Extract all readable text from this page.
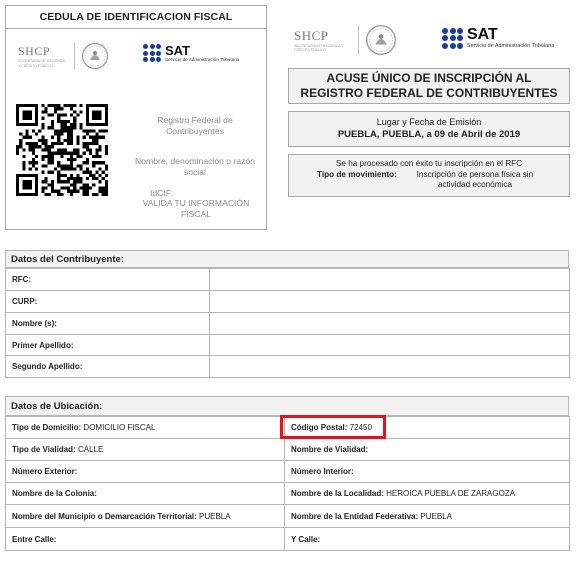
CEDULA DE IDENTIFICACION FISCAL
SHCP
SECRETARÍA DE HACIENDA Y CRÉDITO PÚBLICO
SAT
Servicio de Administración Tributaria
Registro Federal de Contribuyentes
Nombre, denominación o razón social
IdCIF:
VALIDA TU INFORMACIÓN FISCAL
SHCP
SECRETARÍA DE HACIENDA Y CRÉDITO PÚBLICO
SAT
Servicio de Administración Tributaria
ACUSE ÚNICO DE INSCRIPCIÓN AL
REGISTRO FEDERAL DE CONTRIBUYENTES
Lugar y Fecha de Emisión
PUEBLA, PUEBLA, a 09 de Abril de 2019
Se ha procesado con éxito tu inscripción en el RFC
Tipo de movimiento:	Inscripción de persona física sin actividad económica
Datos del Contribuyente:
RFC:	
CURP:	
Nombre (s):	
Primer Apellido:	
Segundo Apellido:	
Datos de Ubicación:
Tipo de Domicilio: DOMICILIO FISCAL	Código Postal: 72450
Tipo de Vialidad: CALLE	Nombre de Vialidad:
Número Exterior:	Número Interior:
Nombre de la Colonia:	Nombre de la Localidad: HEROICA PUEBLA DE ZARAGOZA
Nombre del Municipio o Demarcación Territorial: PUEBLA	Nombre de la Entidad Federativa: PUEBLA
Entre Calle:	Y Calle:
